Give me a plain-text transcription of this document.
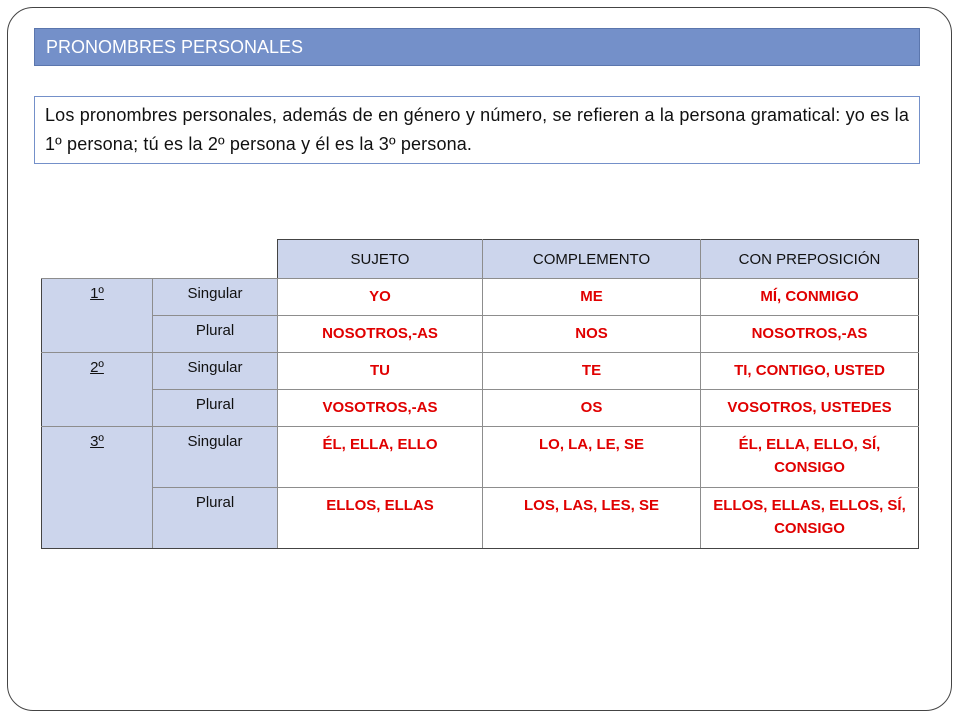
PRONOMBRES PERSONALES
Los pronombres personales, además de en género y número, se refieren a la persona gramatical: yo es la 1º persona; tú es la 2º persona y él es la 3º persona.
		SUJETO	COMPLEMENTO	CON PREPOSICIÓN
1º	Singular	YO	ME	MÍ, CONMIGO
	Plural	NOSOTROS,-AS	NOS	NOSOTROS,-AS
2º	Singular	TU	TE	TI, CONTIGO, USTED
	Plural	VOSOTROS,-AS	OS	VOSOTROS, USTEDES
3º	Singular	ÉL, ELLA, ELLO	LO, LA, LE, SE	ÉL, ELLA, ELLO, SÍ, CONSIGO
	Plural	ELLOS, ELLAS	LOS, LAS, LES, SE	ELLOS, ELLAS, ELLOS, SÍ, CONSIGO
